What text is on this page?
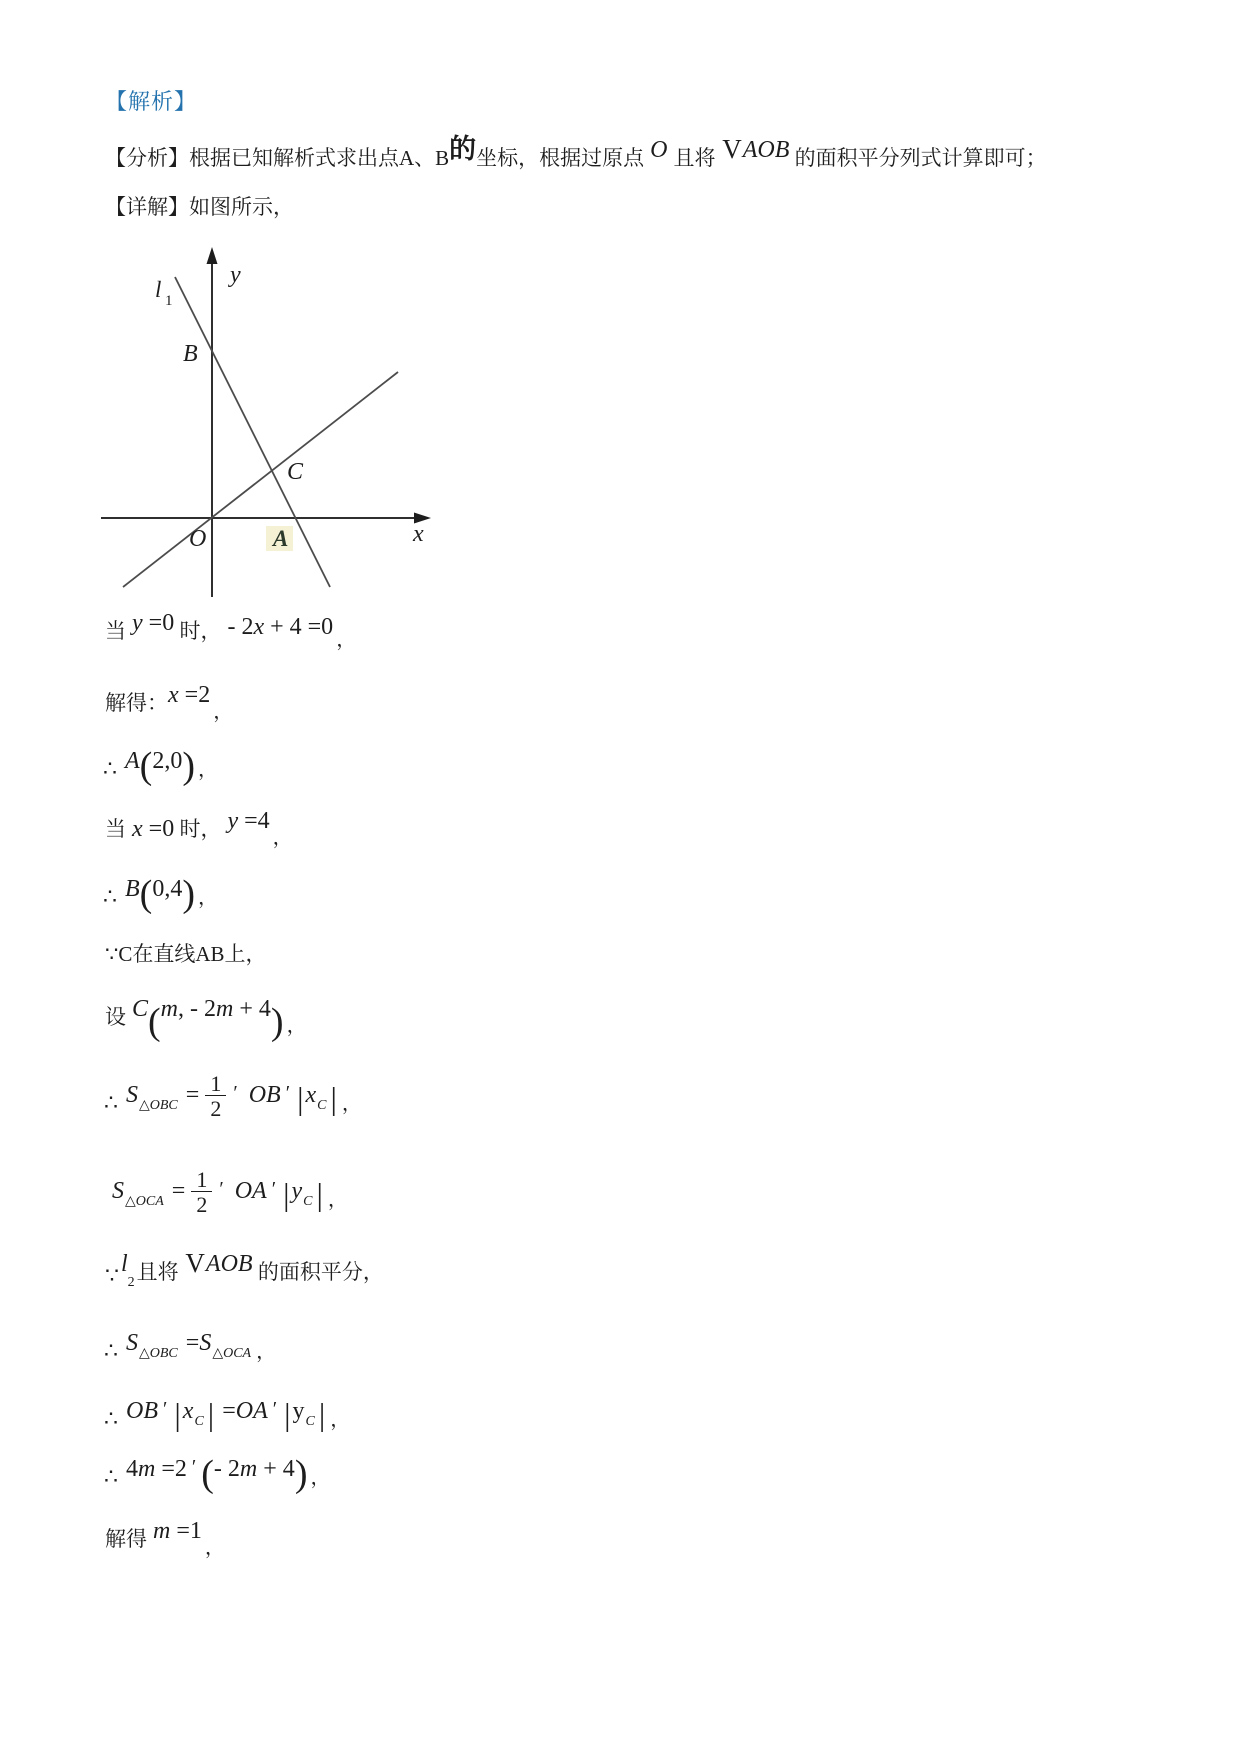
【解析】
【分析】根据已知解析式求出点A、B的坐标，根据过原点 O 且将 VAOB 的面积平分列式计算即可；
【详解】如图所示，
y
x
l 1
B
C
O	A
当 y =0 时， - 2x + 4 =0 ，
解得：x =2，
∴ A(2,0) ，
当 x =0 时， y =4，
∴ B(0,4) ，
∵C在直线AB上，
设 C(m, - 2m + 4) ，
∴ S△OBC = $\frac{1}{2}$ ′ OB ′ |xC | ，
S△OCA = $\frac{1}{2}$ ′ OA ′ |yC | ，
∵l2且将 VAOB 的面积平分，
∴ S△OBC =S△OCA ，
∴ OB ′ |xC | =OA ′ |yC | ，
∴ 4m =2 ′ (- 2m + 4) ，
解得 m =1，
